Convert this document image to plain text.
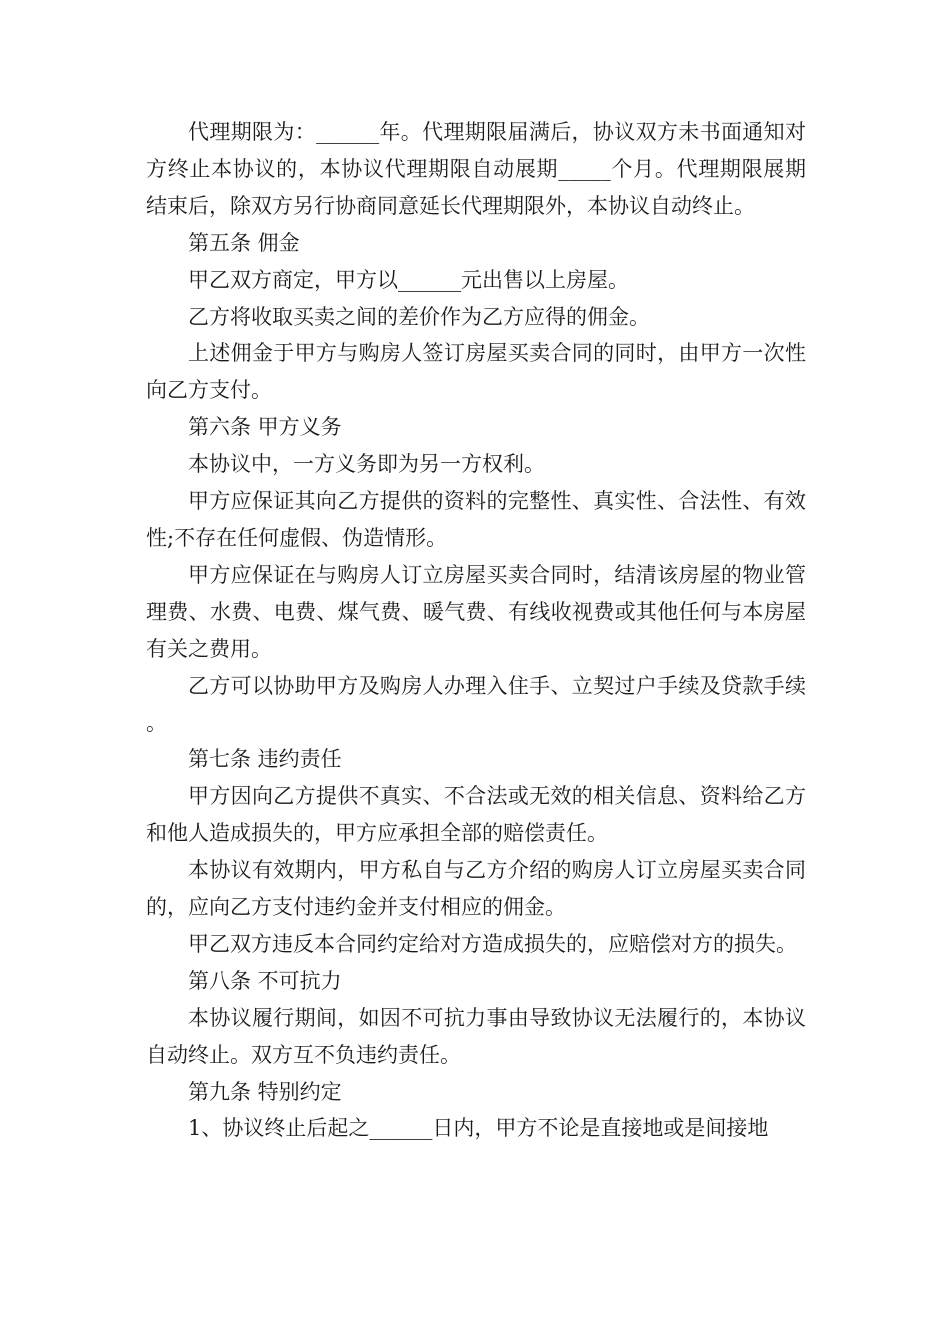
代理期限为：______年。代理期限届满后，协议双方未书面通知对方终止本协议的，本协议代理期限自动展期_____个月。代理期限展期结束后，除双方另行协商同意延长代理期限外，本协议自动终止。

第五条 佣金

甲乙双方商定，甲方以______元出售以上房屋。

乙方将收取买卖之间的差价作为乙方应得的佣金。

上述佣金于甲方与购房人签订房屋买卖合同的同时，由甲方一次性向乙方支付。

第六条 甲方义务

本协议中，一方义务即为另一方权利。

甲方应保证其向乙方提供的资料的完整性、真实性、合法性、有效性;不存在任何虚假、伪造情形。

甲方应保证在与购房人订立房屋买卖合同时，结清该房屋的物业管理费、水费、电费、煤气费、暖气费、有线收视费或其他任何与本房屋有关之费用。

乙方可以协助甲方及购房人办理入住手、立契过户手续及贷款手续。

第七条 违约责任

甲方因向乙方提供不真实、不合法或无效的相关信息、资料给乙方和他人造成损失的，甲方应承担全部的赔偿责任。

本协议有效期内，甲方私自与乙方介绍的购房人订立房屋买卖合同的，应向乙方支付违约金并支付相应的佣金。

甲乙双方违反本合同约定给对方造成损失的，应赔偿对方的损失。

第八条 不可抗力

本协议履行期间，如因不可抗力事由导致协议无法履行的，本协议自动终止。双方互不负违约责任。

第九条 特别约定

1、协议终止后起之______日内，甲方不论是直接地或是间接地
